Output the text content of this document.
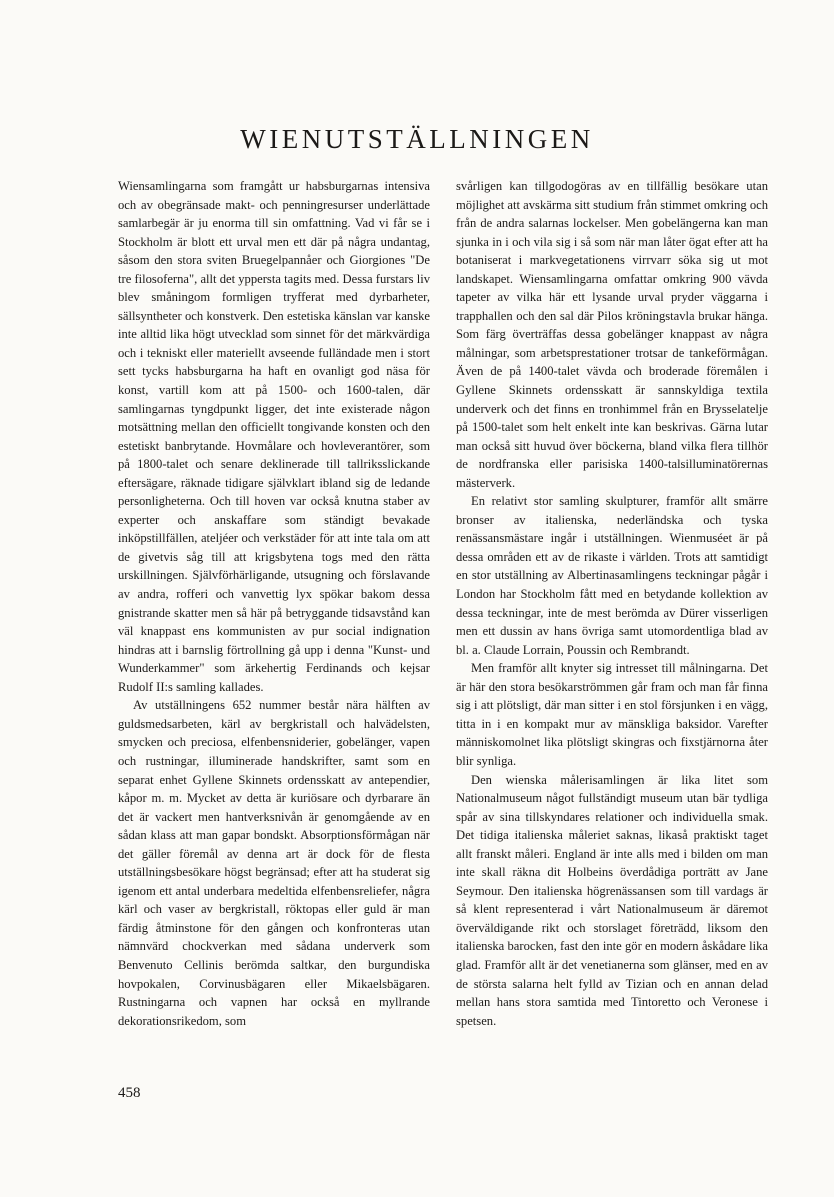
WIENUTSTÄLLNINGEN

Wiensamlingarna som framgått ur habsburgarnas intensiva och av obegränsade makt- och penningresurser underlättade samlarbegär är ju enorma till sin omfattning. Vad vi får se i Stockholm är blott ett urval men ett där på några undantag, såsom den stora sviten Bruegelpannåer och Giorgiones "De tre filosoferna", allt det yppersta tagits med. Dessa furstars liv blev småningom formligen tryfferat med dyrbarheter, sällsyntheter och konstverk. Den estetiska känslan var kanske inte alltid lika högt utvecklad som sinnet för det märkvärdiga och i tekniskt eller materiellt avseende fulländade men i stort sett tycks habsburgarna ha haft en ovanligt god näsa för konst, vartill kom att på 1500- och 1600-talen, där samlingarnas tyngdpunkt ligger, det inte existerade någon motsättning mellan den officiellt tongivande konsten och den estetiskt banbrytande. Hovmålare och hovleverantörer, som på 1800-talet och senare deklinerade till tallriksslickande eftersägare, räknade tidigare självklart ibland sig de ledande personligheterna. Och till hoven var också knutna staber av experter och anskaffare som ständigt bevakade inköpstillfällen, ateljéer och verkstäder för att inte tala om att de givetvis såg till att krigsbytena togs med den rätta urskillningen. Självförhärligande, utsugning och förslavande av andra, rofferi och vanvettig lyx spökar bakom dessa gnistrande skatter men så här på betryggande tidsavstånd kan väl knappast ens kommunisten av pur social indignation hindras att i barnslig förtrollning gå upp i denna "Kunst- und Wunderkammer" som ärkehertig Ferdinands och kejsar Rudolf II:s samling kallades.

Av utställningens 652 nummer består nära hälften av guldsmedsarbeten, kärl av bergkristall och halvädelsten, smycken och preciosa, elfenbensniderier, gobelänger, vapen och rustningar, illuminerade handskrifter, samt som en separat enhet Gyllene Skinnets ordensskatt av antependier, kåpor m. m. Mycket av detta är kuriösare och dyrbarare än det är vackert men hantverksnivån är genomgående av en sådan klass att man gapar bondskt. Absorptionsförmågan när det gäller föremål av denna art är dock för de flesta utställningsbesökare högst begränsad; efter att ha studerat sig igenom ett antal underbara medeltida elfenbensreliefer, några kärl och vaser av bergkristall, röktopas eller guld är man färdig åtminstone för den gången och konfronteras utan nämnvärd chockverkan med sådana underverk som Benvenuto Cellinis berömda saltkar, den burgundiska hovpokalen, Corvinusbägaren eller Mikaelsbägaren. Rustningarna och vapnen har också en myllrande dekorationsrikedom, som

svårligen kan tillgodogöras av en tillfällig besökare utan möjlighet att avskärma sitt studium från stimmet omkring och från de andra salarnas lockelser. Men gobelängerna kan man sjunka in i och vila sig i så som när man låter ögat efter att ha botaniserat i markvegetationens virrvarr söka sig ut mot landskapet. Wiensamlingarna omfattar omkring 900 vävda tapeter av vilka här ett lysande urval pryder väggarna i trapphallen och den sal där Pilos kröningstavla brukar hänga. Som färg överträffas dessa gobelänger knappast av några målningar, som arbetsprestationer trotsar de tankeförmågan. Även de på 1400-talet vävda och broderade föremålen i Gyllene Skinnets ordensskatt är sannskyldiga textila underverk och det finns en tronhimmel från en Brysselatelje på 1500-talet som helt enkelt inte kan beskrivas. Gärna lutar man också sitt huvud över böckerna, bland vilka flera tillhör de nordfranska eller parisiska 1400-talsilluminatörernas mästerverk.

En relativt stor samling skulpturer, framför allt smärre bronser av italienska, nederländska och tyska renässansmästare ingår i utställningen. Wienmuséet är på dessa områden ett av de rikaste i världen. Trots att samtidigt en stor utställning av Albertinasamlingens teckningar pågår i London har Stockholm fått med en betydande kollektion av dessa teckningar, inte de mest berömda av Dürer visserligen men ett dussin av hans övriga samt utomordentliga blad av bl. a. Claude Lorrain, Poussin och Rembrandt.

Men framför allt knyter sig intresset till målningarna. Det är här den stora besökarströmmen går fram och man får finna sig i att plötsligt, där man sitter i en stol försjunken i en vägg, titta in i en kompakt mur av mänskliga baksidor. Varefter människomolnet lika plötsligt skingras och fixstjärnorna åter blir synliga.

Den wienska målerisamlingen är lika litet som Nationalmuseum något fullständigt museum utan bär tydliga spår av sina tillskyndares relationer och individuella smak. Det tidiga italienska måleriet saknas, likaså praktiskt taget allt franskt måleri. England är inte alls med i bilden om man inte skall räkna dit Holbeins överdådiga porträtt av Jane Seymour. Den italienska högrenässansen som till vardags är så klent representerad i vårt Nationalmuseum är däremot överväldigande rikt och storslaget företrädd, liksom den italienska barocken, fast den inte gör en modern åskådare lika glad. Framför allt är det venetianerna som glänser, med en av de största salarna helt fylld av Tizian och en annan delad mellan hans stora samtida med Tintoretto och Veronese i spetsen.

458
